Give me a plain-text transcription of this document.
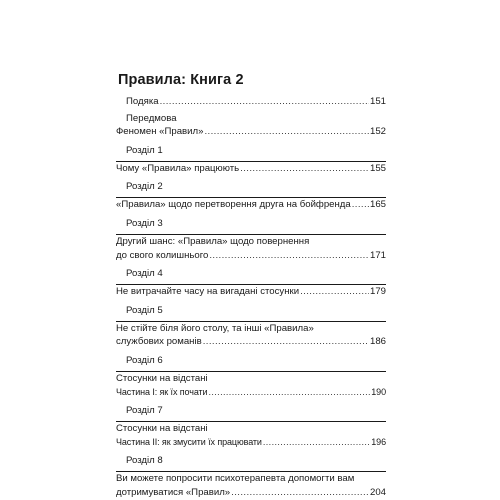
Правила: Книга 2
Подяка .....	151
Передмова
Феномен «Правил» .....	152
Розділ 1
Чому «Правила» працюють .....	155
Розділ 2
«Правила» щодо перетворення друга на бойфренда ..... 165
Розділ 3
Другий шанс: «Правила» щодо повернення
до свого колишнього .....	171
Розділ 4
Не витрачайте часу на вигадані стосунки .....	179
Розділ 5
Не стійте біля його столу, та інші «Правила»
службових романів .....	186
Розділ 6
Стосунки на відстані
Частина І: як їх почати .....	190
Розділ 7
Стосунки на відстані
Частина ІІ: як змусити їх працювати .....	196
Розділ 8
Ви можете попросити психотерапевта допомогти вам
дотримуватися «Правил» .....	204
